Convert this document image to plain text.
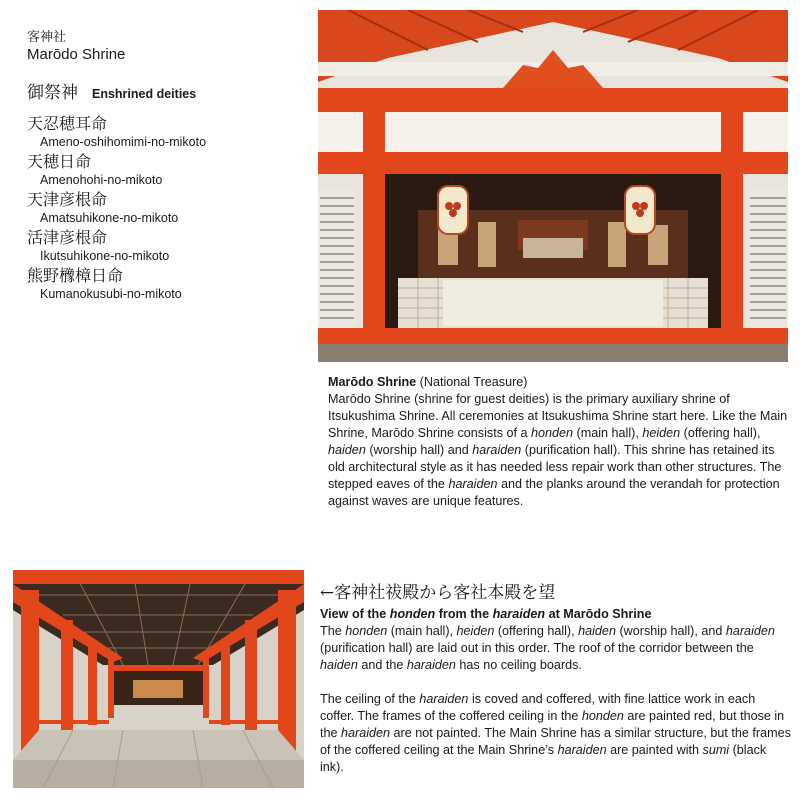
客神社
Marōdo Shrine
御祭神 Enshrined deities
天忍穂耳命
Ameno-oshihomimi-no-mikoto
天穂日命
Amenohohi-no-mikoto
天津彦根命
Amatsuhikone-no-mikoto
活津彦根命
Ikutsuhikone-no-mikoto
熊野櫲樟日命
Kumanokusubi-no-mikoto

Marōdo Shrine (National Treasure)

Marōdo Shrine (shrine for guest deities) is the primary auxiliary shrine of Itsukushima Shrine. All ceremonies at Itsukushima Shrine start here. Like the Main Shrine, Marōdo Shrine consists of a honden (main hall), heiden (offering hall), haiden (worship hall) and haraiden (purification hall). This shrine has retained its old architectural style as it has needed less repair work than other structures. The stepped eaves of the haraiden and the planks around the verandah for protection against waves are unique features.

←客神社祓殿から客社本殿を望

View of the honden from the haraiden at Marōdo Shrine

The honden (main hall), heiden (offering hall), haiden (worship hall), and haraiden (purification hall) are laid out in this order. The roof of the corridor between the haiden and the haraiden has no ceiling boards.

The ceiling of the haraiden is coved and coffered, with fine lattice work in each coffer. The frames of the coffered ceiling in the honden are painted red, but those in the haraiden are not painted. The Main Shrine has a similar structure, but the frames of the coffered ceiling at the Main Shrine’s haraiden are painted with sumi (black ink).
